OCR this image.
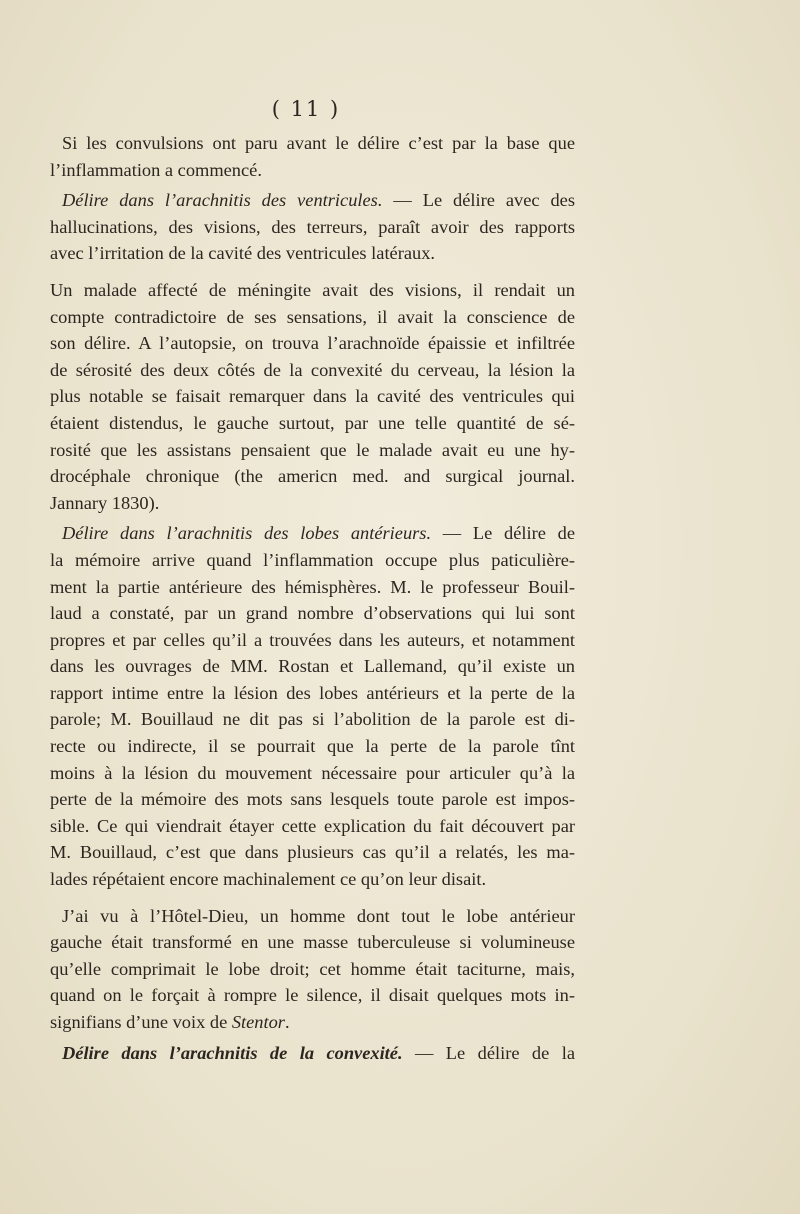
( 11 )

Si les convulsions ont paru avant le délire c’est par la base que
l’inflammation a commencé.

Délire dans l’arachnitis des ventricules. — Le délire avec des
hallucinations, des visions, des terreurs, paraît avoir des rapports
avec l’irritation de la cavité des ventricules latéraux.

Un malade affecté de méningite avait des visions, il rendait un
compte contradictoire de ses sensations, il avait la conscience de
son délire. A l’autopsie, on trouva l’arachnoïde épaissie et infiltrée
de sérosité des deux côtés de la convexité du cerveau, la lésion la
plus notable se faisait remarquer dans la cavité des ventricules qui
étaient distendus, le gauche surtout, par une telle quantité de sé-
rosité que les assistans pensaient que le malade avait eu une hy-
drocéphale chronique (the americn med. and surgical journal.
Jannary 1830).

Délire dans l’arachnitis des lobes antérieurs. — Le délire de
la mémoire arrive quand l’inflammation occupe plus paticulière-
ment la partie antérieure des hémisphères. M. le professeur Bouil-
laud a constaté, par un grand nombre d’observations qui lui sont
propres et par celles qu’il a trouvées dans les auteurs, et notamment
dans les ouvrages de MM. Rostan et Lallemand, qu’il existe un
rapport intime entre la lésion des lobes antérieurs et la perte de la
parole; M. Bouillaud ne dit pas si l’abolition de la parole est di-
recte ou indirecte, il se pourrait que la perte de la parole tînt
moins à la lésion du mouvement nécessaire pour articuler qu’à la
perte de la mémoire des mots sans lesquels toute parole est impos-
sible. Ce qui viendrait étayer cette explication du fait découvert par
M. Bouillaud, c’est que dans plusieurs cas qu’il a relatés, les ma-
lades répétaient encore machinalement ce qu’on leur disait.

J’ai vu à l’Hôtel-Dieu, un homme dont tout le lobe antérieur
gauche était transformé en une masse tuberculeuse si volumineuse
qu’elle comprimait le lobe droit; cet homme était taciturne, mais,
quand on le forçait à rompre le silence, il disait quelques mots in-
signifians d’une voix de Stentor.

Délire dans l’arachnitis de la convexité. — Le délire de la
